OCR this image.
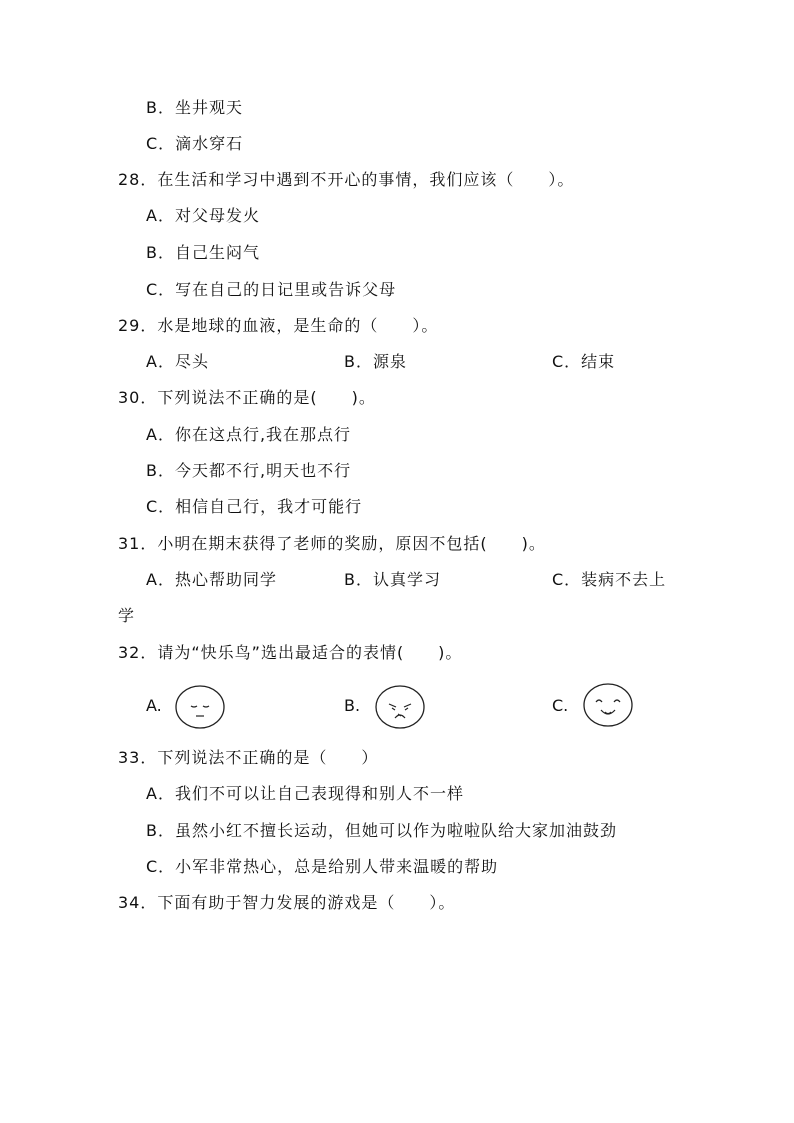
B．坐井观天
C．滴水穿石
28．在生活和学习中遇到不开心的事情，我们应该（　　）。
A．对父母发火
B．自己生闷气
C．写在自己的日记里或告诉父母
29．水是地球的血液，是生命的（　　）。
A．尽头	B．源泉	C．结束
30．下列说法不正确的是(　　)。
A．你在这点行,我在那点行
B．今天都不行,明天也不行
C．相信自己行，我才可能行
31．小明在期末获得了老师的奖励，原因不包括(　　)。
A．热心帮助同学	B．认真学习	C．装病不去上
学
32．请为“快乐鸟”选出最适合的表情(　　)。
A.	B.	C.
33．下列说法不正确的是（　　）
A．我们不可以让自己表现得和别人不一样
B．虽然小红不擅长运动，但她可以作为啦啦队给大家加油鼓劲
C．小军非常热心，总是给别人带来温暖的帮助
34．下面有助于智力发展的游戏是（　　）。
